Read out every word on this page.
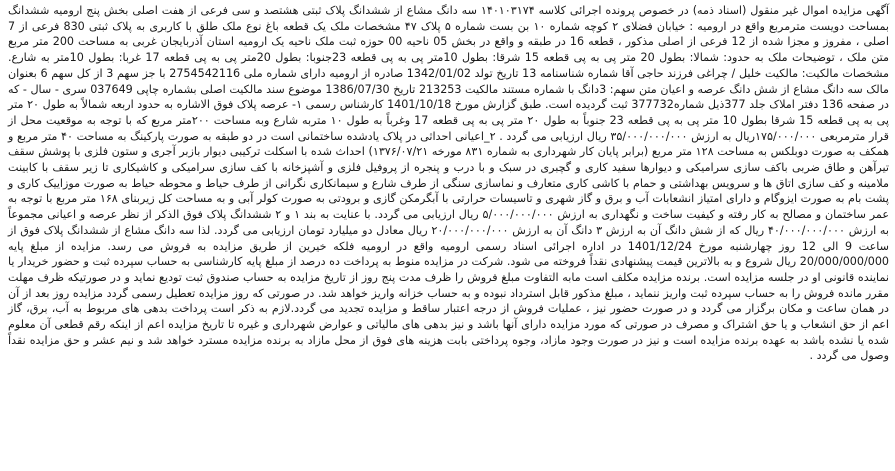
آگهی مزایده اموال غیر منقول (اسناد ذمه) در خصوص پرونده اجرائی کلاسه ۱۴۰۱۰۳۱۷۴ سه دانگ مشاع از ششدانگ پلاک ثبتی هشتصد و سی فرعی از هفت اصلی بخش پنج ارومیه ششدانگ بمساحت دویست مترمربع واقع در ارومیه : خیابان فضلای ۲ کوچه شماره ۱۰ بن بست شماره ۵ پلاک ۴۷ مشخصات ملک یک قطعه باغ نوع ملک طلق با کاربری به پلاک ثبتی 830 فرعی از 7 اصلی ، مفروز و مجزا شده از 12 فرعی از اصلی مذکور ، قطعه 16 در طبقه و واقع در بخش 05 ناحیه 00 حوزه ثبت ملک ناحیه یک ارومیه استان آذربایجان غربی به مساحت 200 متر مربع متن ملک ، توضیحات ملک به حدود: شمالا: بطول 20 متر پی به پی قطعه 15 شرقا: بطول 10متر پی به پی قطعه 23جنوبا: بطول 20متر پی به پی قطعه 17 غربا: بطول 10متر به شارع. مشخصات مالکیت: مالکیت خلیل / چراغی فرزند حاجی آقا شماره شناسنامه 13 تاریخ تولد 1342/01/02 صادره از ارومیه دارای شماره ملی 2754542116 با جز سهم 3 از کل سهم 6 بعنوان مالک سه دانگ مشاع از شش دانگ عرصه و اعیان متن سهم: 3دانگ با شماره مستند مالکیت 213253 تاریخ 1386/07/30 موضوع سند مالکیت اصلی بشماره چاپی 037649 سری - سال - که در صفحه 136 دفتر املاک جلد 377ذیل شماره377732 ثبت گردیده است. طبق گزارش مورخ 1401/10/18 کارشناس رسمی ۱- عرصه پلاک فوق الاشاره به حدود اربعه شمالاً به طول ۲۰ متر پی به پی قطعه 15 شرقا بطول 10 متر پی به پی قطعه 23 جنوباً به طول ۲۰ متر پی به پی قطعه 17 وغرباً به طول ۱۰ متربه شارع وبه مساحت ۲۰۰متر مربع که با توجه به موقعیت محل از قرار مترمربعی ۱۷۵/۰۰۰/۰۰۰ریال به ارزش ۳۵/۰۰۰/۰۰۰/۰۰۰ ریال ارزیابی می گردد . ۲_اعیانی احداثی در پلاک یادشده ساختمانی است در دو طبقه به صورت پارکینگ به مساحت ۴۰ متر مربع و همکف به صورت دوبلکس به مساحت ۱۲۸ متر مربع (برابر پایان کار شهرداری به شماره ۸۳۱ مورخه ۱۳۷۶/۰۷/۲۱) احداث شده با اسکلت ترکیبی دیوار بازبر آجری و ستون فلزی با پوشش سقف تیرآهن و طاق ضربی باکف سازی سرامیکی و دیوارها سفید کاری و گچبری در سبک و با درب و پنجره از پروفیل فلزی و آشپزخانه با کف سازی سرامیکی و کاشیکاری تا زیر سقف با کابینت ملامینه و کف سازی اتاق ها و سرویس بهداشتی و حمام با کاشی کاری متعارف و نماسازی سنگی از طرف شارع و سیمانکاری نگرانی از طرف حیاط و محوطه حیاط به صورت موزاییک کاری و پشت بام به صورت ایزوگام و دارای امتیاز انشعابات آب و برق و گاز شهری و تاسیسات حرارتی با آبگرمکن گازی و برودتی به صورت کولر آبی و به مساحت کل زیربنای ۱۶۸ متر مربع با توجه به عمر ساختمان و مصالح به کار رفته و کیفیت ساخت و نگهداری به ارزش ۵/۰۰۰/۰۰۰/۰۰۰ ریال ارزیابی می گردد. با عنایت به بند ۱ و ۲ ششدانگ پلاک فوق الذکر از نظر عرصه و اعیانی مجموعاً به ارزش ۴۰/۰۰۰/۰۰۰/۰۰۰ ریال که از شش دانگ آن به ارزش ۳ دانگ آن به ارزش ۲۰/۰۰۰/۰۰۰/۰۰۰ ریال معادل دو میلیارد تومان ارزیابی می گردد. لذا سه دانگ مشاع از ششدانگ پلاک فوق از ساعت 9 الی 12 روز چهارشنبه مورخ 1401/12/24 در اداره اجرائی اسناد رسمی ارومیه واقع در ارومیه فلکه خیرین از طریق مزایده به فروش می رسد. مزایده از مبلغ پایه 20/000/000/000 ریال شروع و به بالاترین قیمت پیشنهادی نقداً فروخته می شود. شرکت در مزایده منوط به پرداخت ده درصد از مبلغ پایه کارشناسی به حساب سپرده ثبت و حضور خریدار یا نماینده قانونی او در جلسه مزایده است. برنده مزایده مکلف است مابه التفاوت مبلغ فروش را ظرف مدت پنج روز از تاریخ مزایده به حساب صندوق ثبت تودیع نماید و در صورتیکه ظرف مهلت مقرر مانده فروش را به حساب سپرده ثبت واریز ننماید ، مبلغ مذکور قابل استرداد نبوده و به حساب خزانه واریز خواهد شد. در صورتی که روز مزایده تعطیل رسمی گردد مزایده روز بعد از آن در همان ساعت و مکان برگزار می گردد و در صورت حضور نیز ، عملیات فروش از درجه اعتبار ساقط و مزایده تجدید می گردد.لازم به ذکر است پرداخت بدهی های مربوط به آب، برق، گاز اعم از حق انشعاب و یا حق اشتراک و مصرف در صورتی که مورد مزایده دارای آنها باشد و نیز بدهی های مالیاتی و عوارض شهرداری و غیره تا تاریخ مزایده اعم از اینکه رقم قطعی آن معلوم شده یا نشده باشد به عهده برنده مزایده است و نیز در صورت وجود مازاد، وجوه پرداختی بابت هزینه های فوق از محل مازاد به برنده مزایده مسترد خواهد شد و نیم عشر و حق مزایده نقداً وصول می گردد .
